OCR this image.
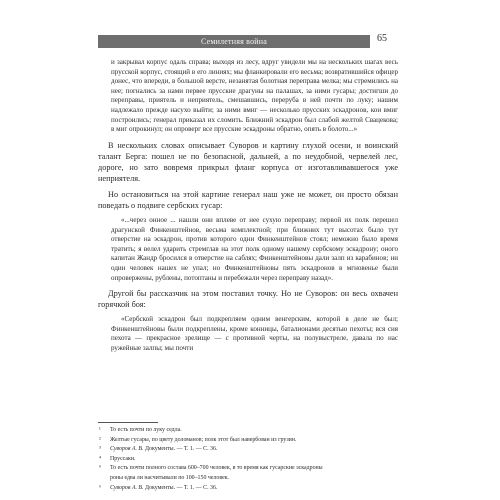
Семилетняя война	65
и закрывал корпус одаль справа; выходя из лесу, вдруг увидели мы на нескольких шагах весь прусской корпус, стоящий в его линиях; мы фланкировали его весьма; возвратившийся офицер донес, что впереди, в большой версте, незанятая болотная переправа мелка; мы стремились на нее; погнались за нами первее прусские драгуны на палашах, за ними гусары; достигши до переправы, приятель и неприятель, смешавшись, переруба в ней почти по луку; нашим надлежало прежде насухо выйти; за ними вмиг — несколько прусских эскадронов, кои вмиг построились; генерал приказал их сломить. Ближний эскадрон был слабой желтой Свацекова; в миг опрокинул; он опроверг все прусские эскадроны обратно, опять в болото...»
В нескольких словах описывает Суворов и картину глухой осени, и воинский талант Берга: пошел не по безопасной, дальней, а по неудобной, червелей лес, дороге, но зато вовремя прикрыл фланг корпуса от изготавливавшегося уже неприятеля.
Но остановиться на этой картине генерал наш уже не может, он просто обязан поведать о подвиге сербских гусар:
«...через онное ... нашли они вплеве от нее сухую переправу; первой их полк перешел драгунской Финкенштейнов, весьма комплектной; при ближних тут высотах было тут отверстие на эскадрон, против которого одни Финкенштейнов стоял; неможно было время тратить; я велел ударить стремглав на этот полк одному нашему сербскому эскадрону; оного капитан Жандр бросился в отверстие на саблях; Финкенштейновы дали залп из карабинов; ни один человек нашех не упал; но Финкенштейновы пять эскадронов в мгновенье были опровержены, рублены, потоптаны и перебежали через переправу назад».
Другой бы рассказчик на этом поставил точку. Но не Суворов: он весь охвачен горячкой боя:
«Сербской эскадрон был подкрепляем одним венгерским, которой в деле не был; Финкенштейновы были подкреплены, кроме конницы, баталионами десятью пехоты; вся сия пехота — прекрасное зрелище — с противной черты, на полувыстреле, давала по нас ружейные залпы; мы почти
¹	То есть почти по луку седла.
²	Желтые гусары, по цвету доломанов; полк этот был навербован из грузин.
³	Суворов А. В. Документы. — Т. 1. — С. 36.
⁴	Пруссаки.
⁵	То есть почти полного состава 600–700 человек, в то время как гусарские эскадроны
роны едва ли насчитывали по 100–150 человек.
⁶	Суворов А. В. Документы. — Т. 1. — С. 36.
